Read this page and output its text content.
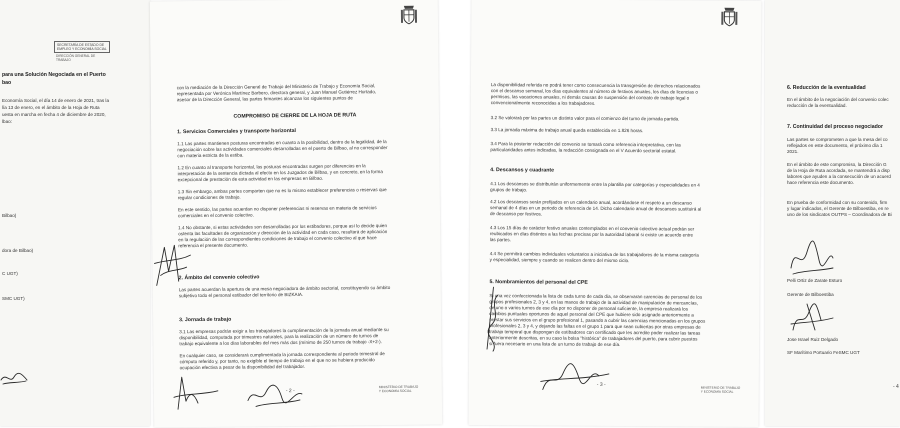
SECRETARÍA DE ESTADO DE
EMPLEO Y ECONOMÍA SOCIAL
DIRECCIÓN GENERAL DE
TRABAJO
para una Solución Negociada en el Puerto
bao
Economía Social, el día 14 de enero de 2021, tras la
lía 13 de enero, en el ámbito de la Hoja de Ruta
uesta en marcha en fecha 4 de diciembre de 2020,
lbao:
Bilbao)
dora de Bilbao)
C UGT)
SMC UGT)
con la mediación de la Dirección General de Trabajo del Ministerio de Trabajo y Economía Social,
representada por Verónica Martínez Barbero, directora general, y Juan Manuel Gutiérrez Hurtado,
asesor de la Dirección General, las partes firmantes alcanzan los siguientes puntos de
COMPROMISO DE CIERRE DE LA HOJA DE RUTA
1. Servicios Comerciales y transporte horizontal
1.1 Las partes mantienen posturas encontradas en cuanto a la posibilidad, dentro de la legalidad, de la
negociación sobre las actividades comerciales desarrolladas en el puerto de Bilbao, al no corresponder
con materia estricta de la estiba.
1.2 En cuanto al transporte horizontal, las posturas encontradas surgen por diferencias en la
interpretación de la sentencia dictada al efecto en los Juzgados de Bilbao, y en concreto, en la forma
excepcional de prestación de esta actividad en las empresas en Bilbao.
1.3 Sin embargo, ambas partes comparten que no es lo mismo establecer preferencias o reservas que
regular condiciones de trabajo.
En este sentido, las partes acuerdan no disponer preferencias ni reservas en materia de servicios
comerciales en el convenio colectivo.
1.4 No obstante, si estas actividades son desarrolladas por los estibadores, porque así lo decide quien
ostenta las facultades de organización y dirección de la actividad en cada caso, resultará de aplicación
en la regulación de las correspondientes condiciones de trabajo el convenio colectivo al que hace
referencia el presente documento.
2. Ámbito del convenio colectivo
Las partes acuerdan la apertura de una mesa negociadora de ámbito sectorial, constituyendo su ámbito
subjetivo todo el personal estibador del territorio de BIZKAIA.
3. Jornada de trabajo
3.1 Las empresas podrán exigir a los trabajadores la cumplimentación de la jornada anual mediante su
disponibilidad, computada por trimestres naturales, para la realización de un número de turnos de
trabajo equivalente a los días laborables del mes más dos (mínimo de 250 turnos de trabajo -X+2-).
En cualquier caso, se considerará cumplimentada la jornada correspondiente al periodo trimestral de
cómputo referido y, por tanto, no exigible el tiempo de trabajo en el que no se hubiera producido
ocupación efectiva a pesar de la disponibilidad del trabajador.
- 2 -
MINISTERIO DE TRABAJO
Y ECONOMÍA SOCIAL
La disponibilidad referida no podrá tener como consecuencia la transgresión de derechos relacionados
con el descanso semanal, los días equivalentes al número de festivos anuales, los días de licencias o
permisos, las vacaciones anuales, ni demás causas de suspensión del contrato de trabajo legal o
convencionalmente reconocidas a los trabajadores.
3.2 Se valorará por las partes un distinto valor para el comienzo del turno de jornada partida.
3.3 La jornada máxima de trabajo anual queda establecida en 1.826 horas.
3.4 Para la posterior redacción del convenio se tomará como referencia interpretativa, con las
particularidades antes indicadas, la redacción consignada en el V Acuerdo sectorial estatal.
4. Descansos y cuadrante
4.1 Los descansos se distribuirán uniformemente entre la plantilla por categorías y especialidades en 4
grupos de trabajo.
4.2 Los descansos serán prefijados en un calendario anual, acordándose el respeto a un descanso
semanal de 4 días en un periodo de referencia de 14. Dicho calendario anual de descansos sustituirá al
de descanso por festivos.
4.3 Los 15 días de carácter festivo anuales contemplados en el convenio colectivo actual podrán ser
reubicados en días distintos a las fechas precisas por la autoridad laboral si existe un acuerdo entre
las partes.
4.4 Se permitirá cambios individuales voluntarios a iniciativa de los trabajadores de la misma categoría
y especialidad, siempre y cuando se realicen dentro del mismo ciclo.
5. Nombramientos del personal del CPE
Si una vez confeccionada la lista de cada turno de cada día, se observaran carencias de personal de los
grupos profesionales 2, 3 y 4, en las manos de trabajo de la actividad de manipulación de mercancías,
de uno o varios turnos de ese día por no disponer de personal suficiente, la empresa realizará los
cambios puntuales oportunos de aquel personal del CPE que hubiere sido asignado anteriormente a
prestar sus servicios en el grupo profesional 1, pasando a cubrir las carencias mencionadas en los grupos
profesionales 2, 3 y 4, y dejando las faltas en el grupo 1 para que sean cubiertas por otras empresas de
trabajo temporal que dispongan de estibadores con certificado que les acredite poder realizar las tareas
anteriormente descritas, en su caso la bolsa "histórica" de trabajadores del puerto, para cubrir puestos
si fuera necesario en una lista de un turno de trabajo de ese día.
- 3 -	MINISTERIO DE TRABAJO
Y ECONOMÍA SOCIAL
6. Reducción de la eventualidad
En el ámbito de la negociación del convenio colec
reducción de la eventualidad.
7. Continuidad del proceso negociador
Las partes se comprometen a que la mesa del co
reflejados en este documento, el próximo día 1
2021.
En el ámbito de este compromiso, la Dirección G
de la Hoja de Ruta acordada, se mantendrá a disp
labores que ayuden a la consecución de un acuerd
hace referencia este documento.
En prueba de conformidad con su contenido, firm
y lugar indicados, el Gerente de Bilboestiba, en re
uno de los sindicatos OUTPS – Coordinadora de Bi
Pelli Ortiz de Zarate Esturo
Gerente de Bilboestiba
Jose Israel Ruiz Delgado
SF Marítimo Portuario FeSMC UGT
- 4
